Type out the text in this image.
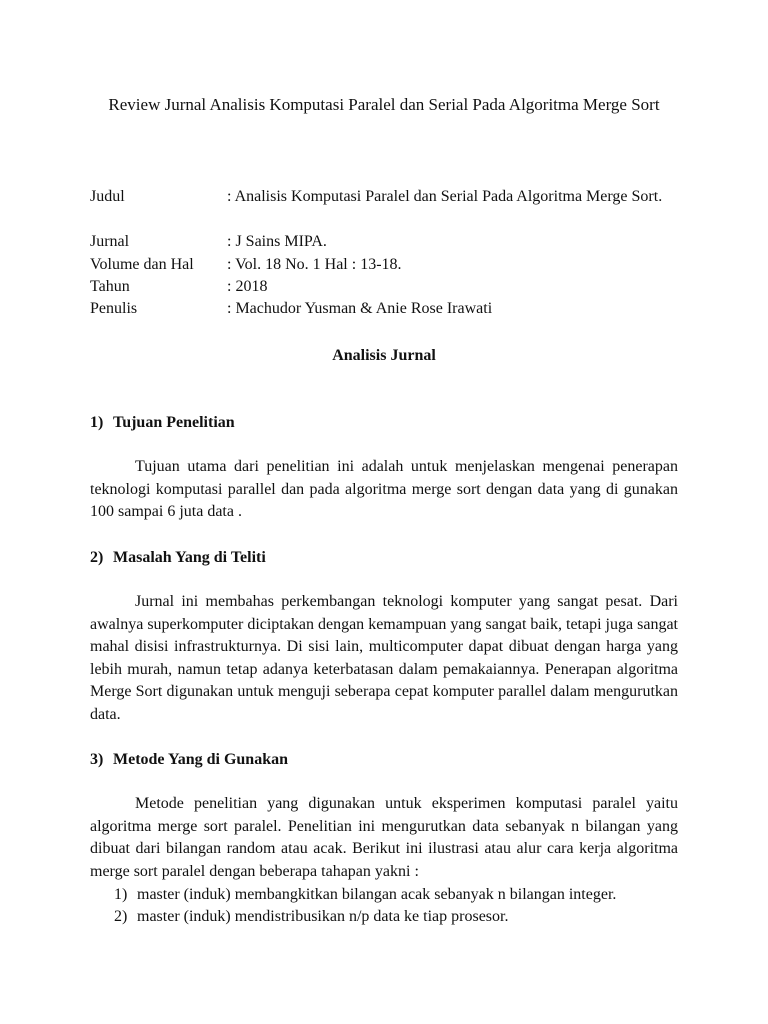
Review Jurnal Analisis Komputasi Paralel dan Serial Pada Algoritma Merge Sort
Judul	: Analisis Komputasi Paralel dan Serial Pada Algoritma Merge Sort.
Jurnal	: J Sains MIPA.
Volume dan Hal : Vol. 18 No. 1 Hal : 13-18.
Tahun	: 2018
Penulis	: Machudor Yusman & Anie Rose Irawati
Analisis Jurnal
1) Tujuan Penelitian

Tujuan utama dari penelitian ini adalah untuk menjelaskan mengenai penerapan teknologi komputasi parallel dan pada algoritma merge sort dengan data yang di gunakan 100 sampai 6 juta data .

2) Masalah Yang di Teliti

Jurnal ini membahas perkembangan teknologi komputer yang sangat pesat. Dari awalnya superkomputer diciptakan dengan kemampuan yang sangat baik, tetapi juga sangat mahal disisi infrastrukturnya. Di sisi lain, multicomputer dapat dibuat dengan harga yang lebih murah, namun tetap adanya keterbatasan dalam pemakaiannya. Penerapan algoritma Merge Sort digunakan untuk menguji seberapa cepat komputer parallel dalam mengurutkan data.

3) Metode Yang di Gunakan

Metode penelitian yang digunakan untuk eksperimen komputasi paralel yaitu algoritma merge sort paralel. Penelitian ini mengurutkan data sebanyak n bilangan yang dibuat dari bilangan random atau acak. Berikut ini ilustrasi atau alur cara kerja algoritma merge sort paralel dengan beberapa tahapan yakni :

1) master (induk) membangkitkan bilangan acak sebanyak n bilangan integer.
2) master (induk) mendistribusikan n/p data ke tiap prosesor.
